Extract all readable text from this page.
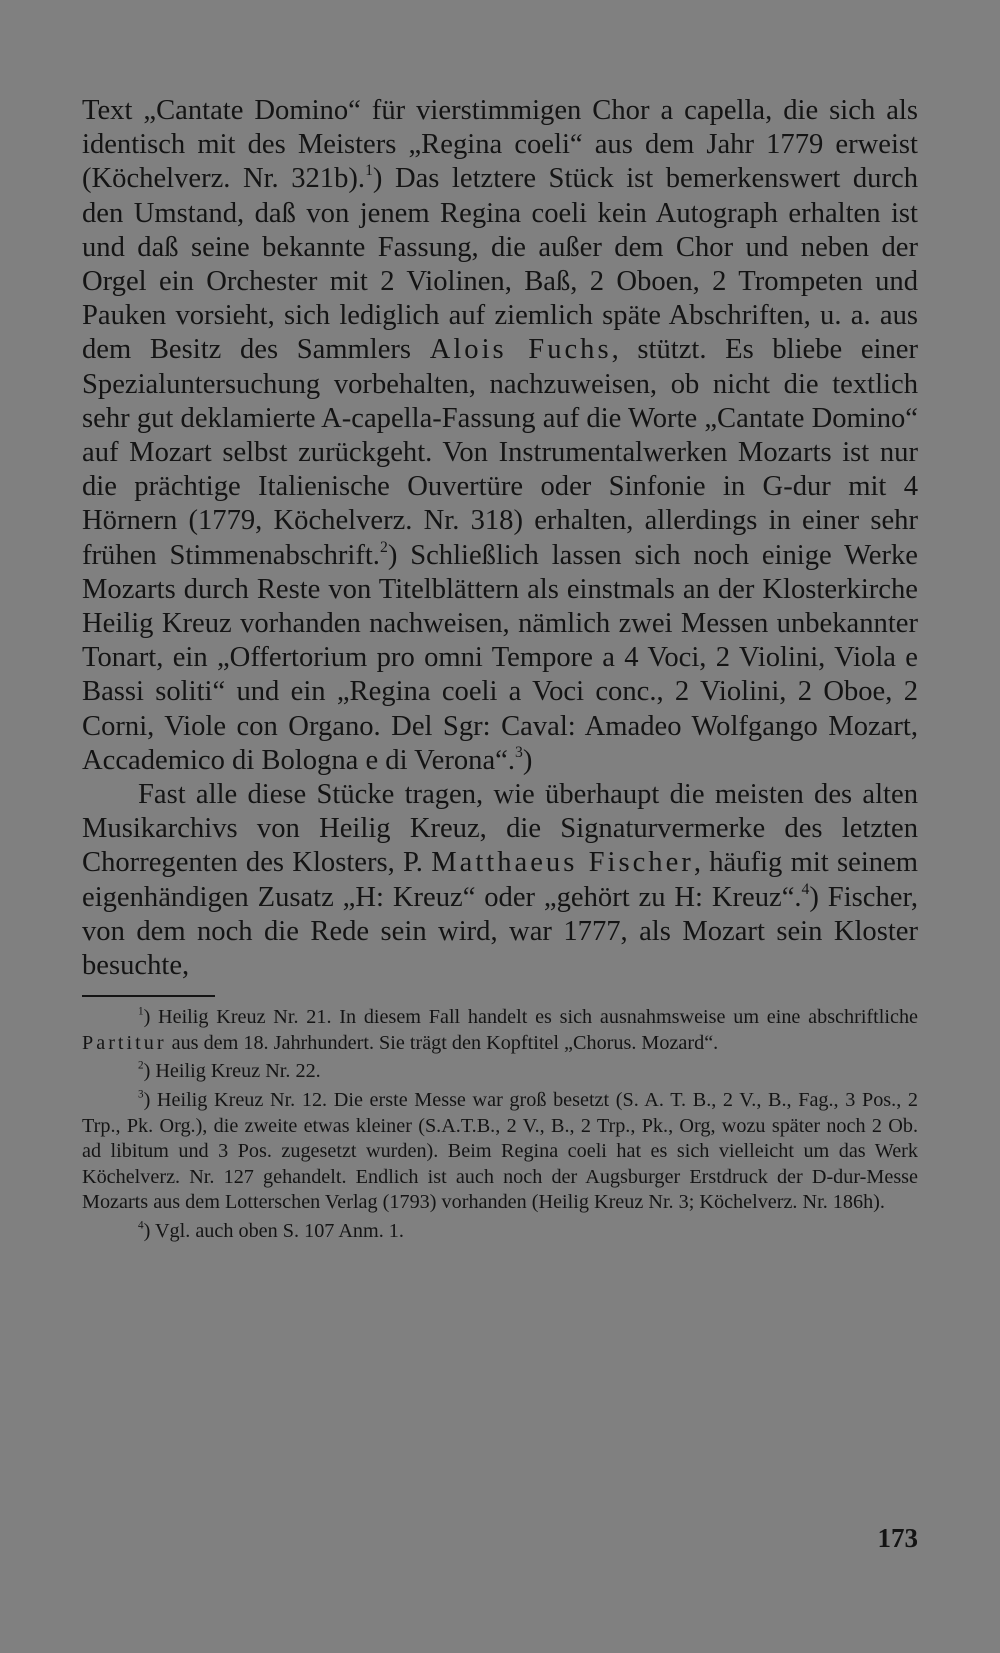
Text „Cantate Domino“ für vierstimmigen Chor a capella, die sich als identisch mit des Meisters „Regina coeli“ aus dem Jahr 1779 erweist (Köchelverz. Nr. 321b).$^1$) Das letztere Stück ist bemerkenswert durch den Umstand, daß von jenem Regina coeli kein Autograph erhalten ist und daß seine bekannte Fassung, die außer dem Chor und neben der Orgel ein Orchester mit 2 Violinen, Baß, 2 Oboen, 2 Trompeten und Pauken vorsieht, sich lediglich auf ziemlich späte Abschriften, u. a. aus dem Besitz des Sammlers Alois Fuchs, stützt. Es bliebe einer Spezialuntersuchung vorbehalten, nachzuweisen, ob nicht die textlich sehr gut deklamierte A-capella-Fassung auf die Worte „Cantate Domino“ auf Mozart selbst zurückgeht. Von Instrumentalwerken Mozarts ist nur die prächtige Italienische Ouvertüre oder Sinfonie in G-dur mit 4 Hörnern (1779, Köchelverz. Nr. 318) erhalten, allerdings in einer sehr frühen Stimmenabschrift.$^2$) Schließlich lassen sich noch einige Werke Mozarts durch Reste von Titelblättern als einstmals an der Klosterkirche Heilig Kreuz vorhanden nachweisen, nämlich zwei Messen unbekannter Tonart, ein „Offertorium pro omni Tempore a 4 Voci, 2 Violini, Viola e Bassi soliti“ und ein „Regina coeli a Voci conc., 2 Violini, 2 Oboe, 2 Corni, Viole con Organo. Del Sgr: Caval: Amadeo Wolfgango Mozart, Accademico di Bologna e di Verona“.$^3$)

Fast alle diese Stücke tragen, wie überhaupt die meisten des alten Musikarchivs von Heilig Kreuz, die Signaturvermerke des letzten Chorregenten des Klosters, P. Matthaeus Fischer, häufig mit seinem eigenhändigen Zusatz „H: Kreuz“ oder „gehört zu H: Kreuz“.$^4$) Fischer, von dem noch die Rede sein wird, war 1777, als Mozart sein Kloster besuchte,

$^1$) Heilig Kreuz Nr. 21. In diesem Fall handelt es sich ausnahmsweise um eine abschriftliche Partitur aus dem 18. Jahrhundert. Sie trägt den Kopftitel „Chorus. Mozard“.

$^2$) Heilig Kreuz Nr. 22.

$^3$) Heilig Kreuz Nr. 12. Die erste Messe war groß besetzt (S. A. T. B., 2 V., B., Fag., 3 Pos., 2 Trp., Pk. Org.), die zweite etwas kleiner (S.A.T.B., 2 V., B., 2 Trp., Pk., Org, wozu später noch 2 Ob. ad libitum und 3 Pos. zugesetzt wurden). Beim Regina coeli hat es sich vielleicht um das Werk Köchelverz. Nr. 127 gehandelt. Endlich ist auch noch der Augsburger Erstdruck der D-dur-Messe Mozarts aus dem Lotterschen Verlag (1793) vorhanden (Heilig Kreuz Nr. 3; Köchelverz. Nr. 186h).

$^4$) Vgl. auch oben S. 107 Anm. 1.

173
